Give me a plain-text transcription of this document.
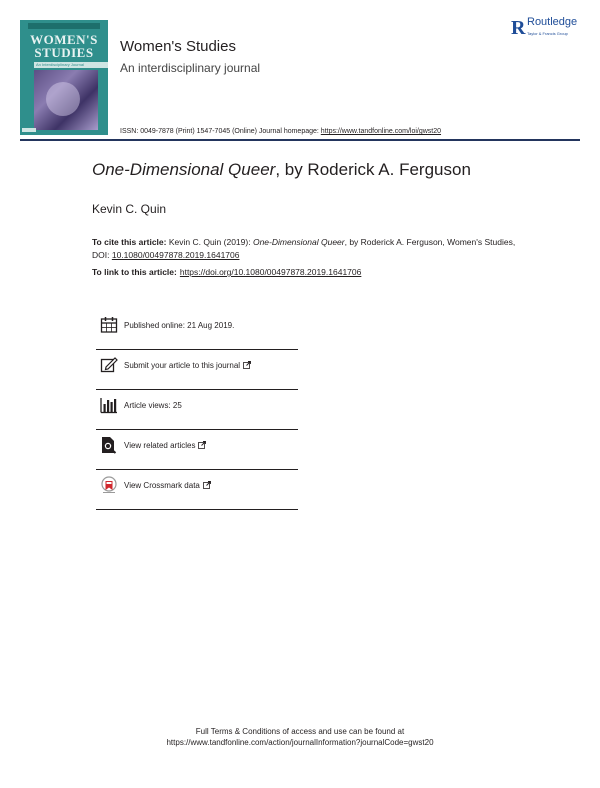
WOMEN'S
STUDIES
An Interdisciplinary Journal
Women's Studies
An interdisciplinary journal
R Routledge
Taylor & Francis Group
ISSN: 0049-7878 (Print) 1547-7045 (Online) Journal homepage: https://www.tandfonline.com/loi/gwst20
One-Dimensional Queer, by Roderick A. Ferguson
Kevin C. Quin
To cite this article: Kevin C. Quin (2019): One-Dimensional Queer, by Roderick A. Ferguson, Women's Studies, DOI: 10.1080/00497878.2019.1641706
To link to this article: https://doi.org/10.1080/00497878.2019.1641706
Published online: 21 Aug 2019.
Submit your article to this journal
Article views: 25
View related articles
View Crossmark data
Full Terms & Conditions of access and use can be found at
https://www.tandfonline.com/action/journalInformation?journalCode=gwst20
